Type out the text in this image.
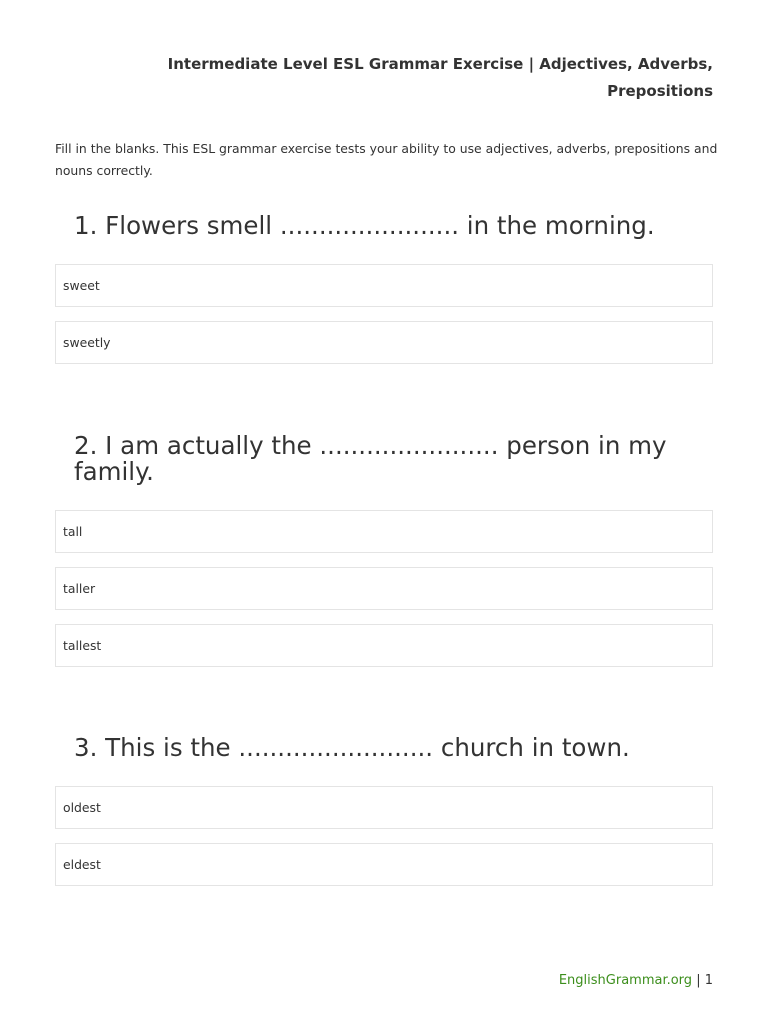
Intermediate Level ESL Grammar Exercise | Adjectives, Adverbs,
Prepositions
Fill in the blanks. This ESL grammar exercise tests your ability to use adjectives, adverbs, prepositions and nouns correctly.
1. Flowers smell ....................... in the morning.
sweet
sweetly
2. I am actually the ....................... person in my family.
tall
taller
tallest
3. This is the ......................... church in town.
oldest
eldest
EnglishGrammar.org | 1
